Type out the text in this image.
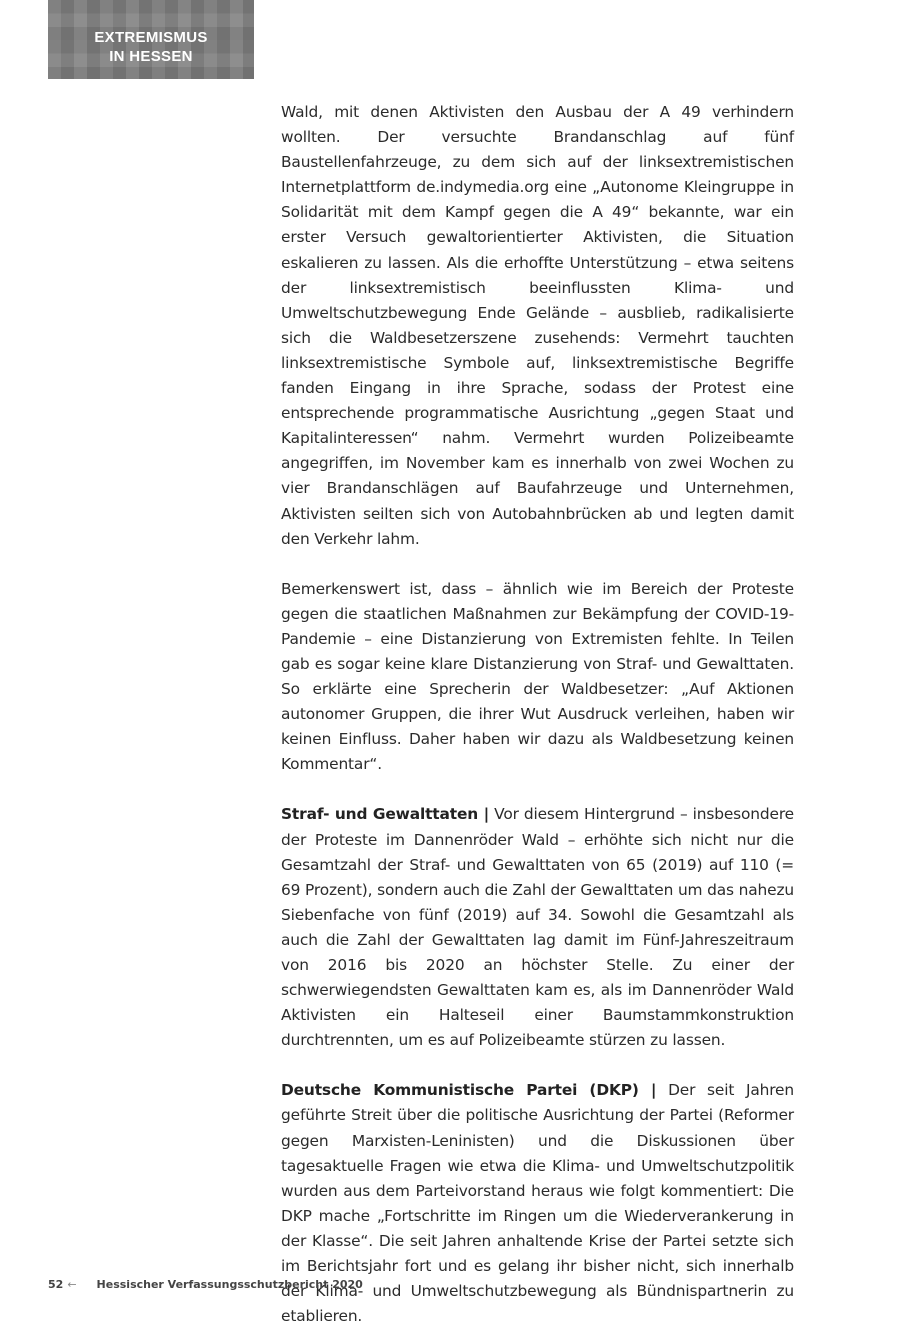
EXTREMISMUS
IN HESSEN

Wald, mit denen Aktivisten den Ausbau der A 49 verhindern wollten. Der versuchte Brandanschlag auf fünf Baustellenfahrzeuge, zu dem sich auf der linksextremistischen Internetplattform de.indymedia.org eine „Autonome Kleingruppe in Solidarität mit dem Kampf gegen die A 49“ bekannte, war ein erster Versuch gewaltorientierter Aktivisten, die Situation eskalieren zu lassen. Als die erhoffte Unterstützung – etwa seitens der linksextremistisch beeinflussten Klima- und Umweltschutzbewegung Ende Gelände – ausblieb, radikalisierte sich die Waldbesetzerszene zusehends: Vermehrt tauchten linksextremistische Symbole auf, linksextremistische Begriffe fanden Eingang in ihre Sprache, sodass der Protest eine entsprechende programmatische Ausrichtung „gegen Staat und Kapitalinteressen“ nahm. Vermehrt wurden Polizeibeamte angegriffen, im November kam es innerhalb von zwei Wochen zu vier Brandanschlägen auf Baufahrzeuge und Unternehmen, Aktivisten seilten sich von Autobahnbrücken ab und legten damit den Verkehr lahm.

Bemerkenswert ist, dass – ähnlich wie im Bereich der Proteste gegen die staatlichen Maßnahmen zur Bekämpfung der COVID-19-Pandemie – eine Distanzierung von Extremisten fehlte. In Teilen gab es sogar keine klare Distanzierung von Straf- und Gewalttaten. So erklärte eine Sprecherin der Waldbesetzer: „Auf Aktionen autonomer Gruppen, die ihrer Wut Ausdruck verleihen, haben wir keinen Einfluss. Daher haben wir dazu als Waldbesetzung keinen Kommentar“.

Straf- und Gewalttaten | Vor diesem Hintergrund – insbesondere der Proteste im Dannenröder Wald – erhöhte sich nicht nur die Gesamtzahl der Straf- und Gewalttaten von 65 (2019) auf 110 (= 69 Prozent), sondern auch die Zahl der Gewalttaten um das nahezu Siebenfache von fünf (2019) auf 34. Sowohl die Gesamtzahl als auch die Zahl der Gewalttaten lag damit im Fünf-Jahreszeitraum von 2016 bis 2020 an höchster Stelle. Zu einer der schwerwiegendsten Gewalttaten kam es, als im Dannenröder Wald Aktivisten ein Halteseil einer Baumstammkonstruktion durchtrennten, um es auf Polizeibeamte stürzen zu lassen.

Deutsche Kommunistische Partei (DKP) | Der seit Jahren geführte Streit über die politische Ausrichtung der Partei (Reformer gegen Marxisten-Leninisten) und die Diskussionen über tagesaktuelle Fragen wie etwa die Klima- und Umweltschutzpolitik wurden aus dem Parteivorstand heraus wie folgt kommentiert: Die DKP mache „Fortschritte im Ringen um die Wiederverankerung in der Klasse“. Die seit Jahren anhaltende Krise der Partei setzte sich im Berichtsjahr fort und es gelang ihr bisher nicht, sich innerhalb der Klima- und Umweltschutzbewegung als Bündnispartnerin zu etablieren.

52 ← Hessischer Verfassungsschutzbericht 2020
